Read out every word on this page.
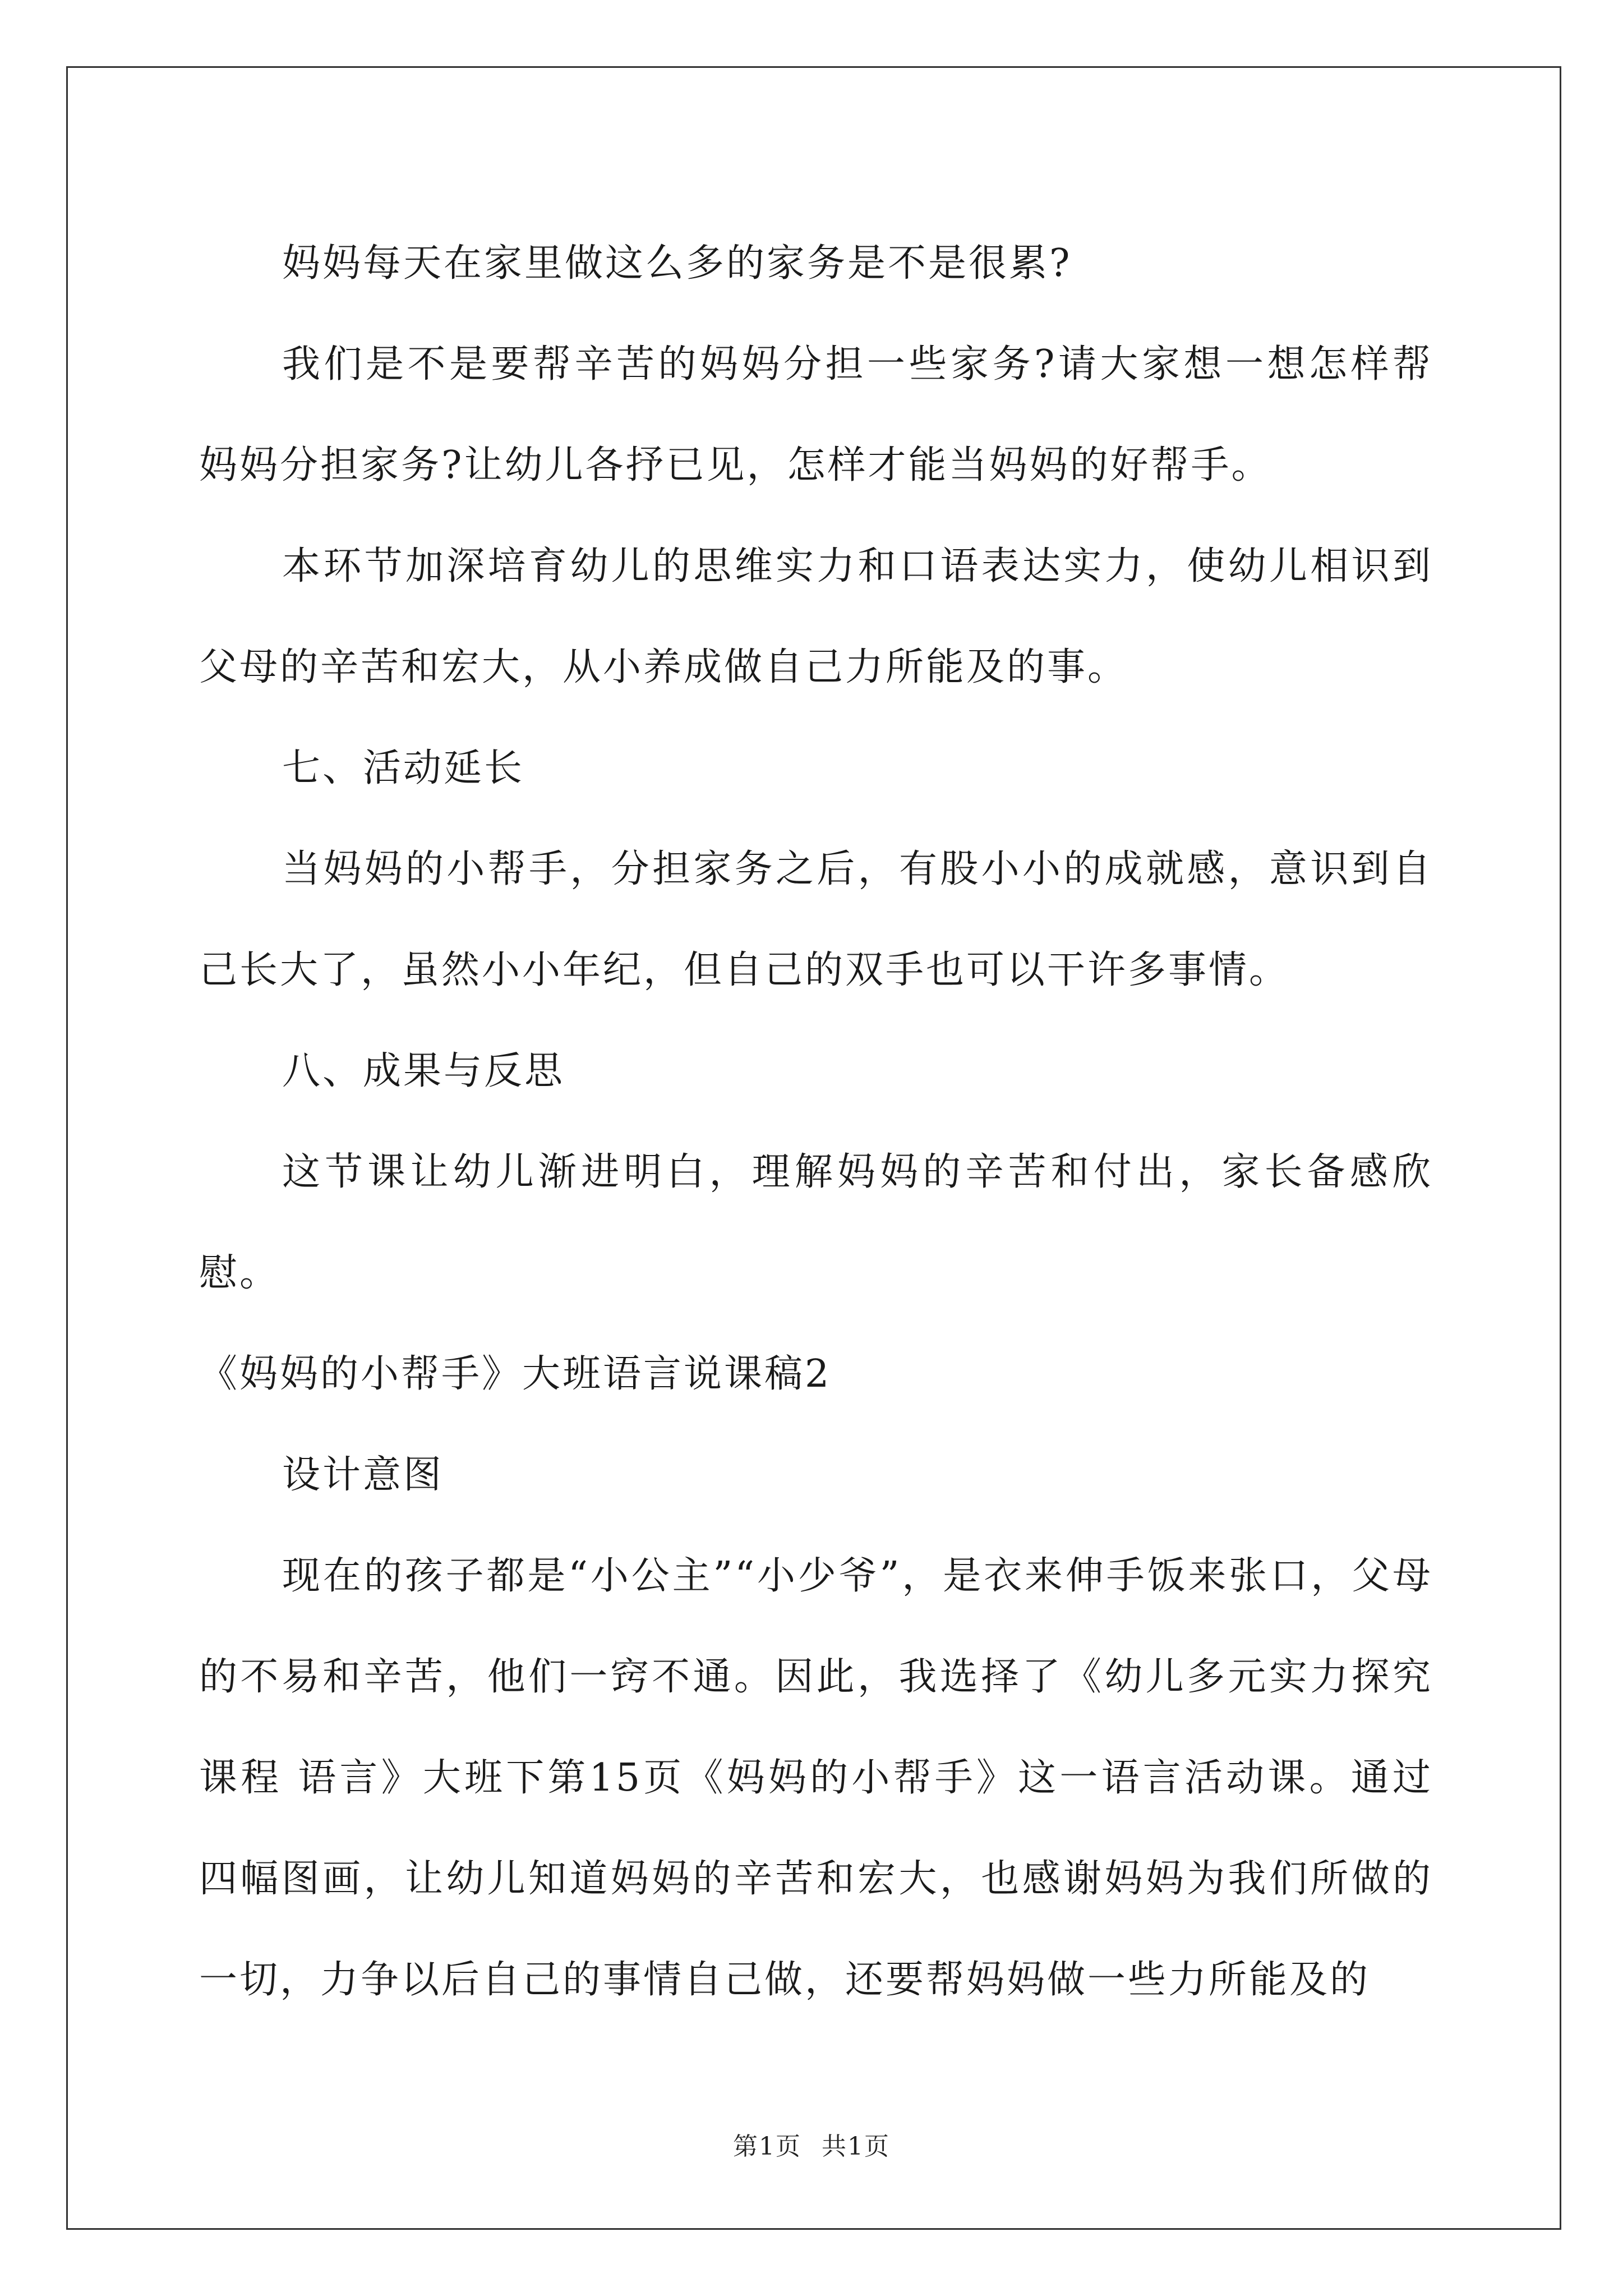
妈妈每天在家里做这么多的家务是不是很累?

我们是不是要帮辛苦的妈妈分担一些家务?请大家想一想怎样帮妈妈分担家务?让幼儿各抒已见，怎样才能当妈妈的好帮手。

本环节加深培育幼儿的思维实力和口语表达实力，使幼儿相识到父母的辛苦和宏大，从小养成做自己力所能及的事。

七、活动延长

当妈妈的小帮手，分担家务之后，有股小小的成就感，意识到自己长大了，虽然小小年纪，但自己的双手也可以干许多事情。

八、成果与反思

这节课让幼儿渐进明白，理解妈妈的辛苦和付出，家长备感欣慰。

《妈妈的小帮手》大班语言说课稿2

设计意图

现在的孩子都是“小公主”“小少爷”，是衣来伸手饭来张口，父母的不易和辛苦，他们一窍不通。因此，我选择了《幼儿多元实力探究课程 语言》大班下第15页《妈妈的小帮手》这一语言活动课。通过四幅图画，让幼儿知道妈妈的辛苦和宏大，也感谢妈妈为我们所做的一切，力争以后自己的事情自己做，还要帮妈妈做一些力所能及的

第1页 共1页
